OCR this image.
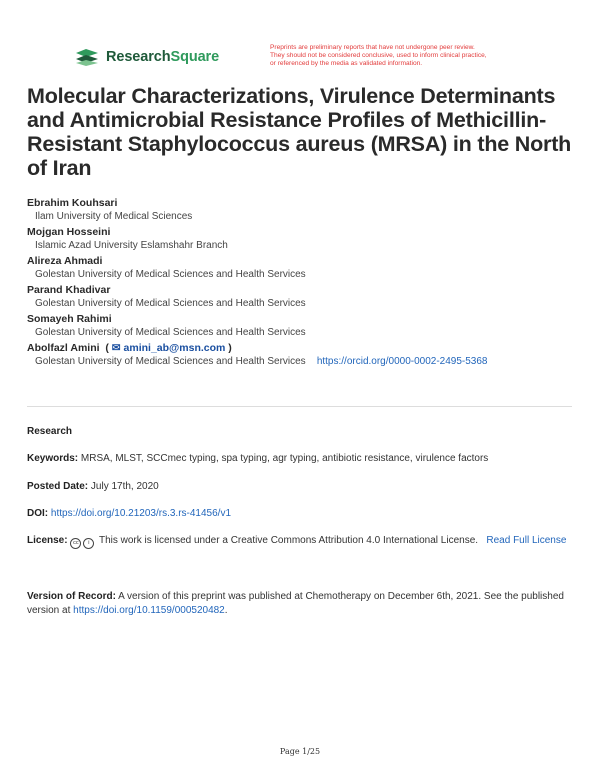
ResearchSquare
Preprints are preliminary reports that have not undergone peer review.
They should not be considered conclusive, used to inform clinical practice,
or referenced by the media as validated information.
Molecular Characterizations, Virulence Determinants and Antimicrobial Resistance Profiles of Methicillin-Resistant Staphylococcus aureus (MRSA) in the North of Iran
Ebrahim Kouhsari
Ilam University of Medical Sciences
Mojgan Hosseini
Islamic Azad University Eslamshahr Branch
Alireza Ahmadi
Golestan University of Medical Sciences and Health Services
Parand Khadivar
Golestan University of Medical Sciences and Health Services
Somayeh Rahimi
Golestan University of Medical Sciences and Health Services
Abolfazl Amini  ( ✉ amini_ab@msn.com )
Golestan University of Medical Sciences and Health Services https://orcid.org/0000-0002-2495-5368
Research
Keywords: MRSA, MLST, SCCmec typing, spa typing, agr typing, antibiotic resistance, virulence factors
Posted Date: July 17th, 2020
DOI: https://doi.org/10.21203/rs.3.rs-41456/v1
License: cc i This work is licensed under a Creative Commons Attribution 4.0 International License. Read Full License
Version of Record: A version of this preprint was published at Chemotherapy on December 6th, 2021. See the published version at https://doi.org/10.1159/000520482.
Page 1/25
